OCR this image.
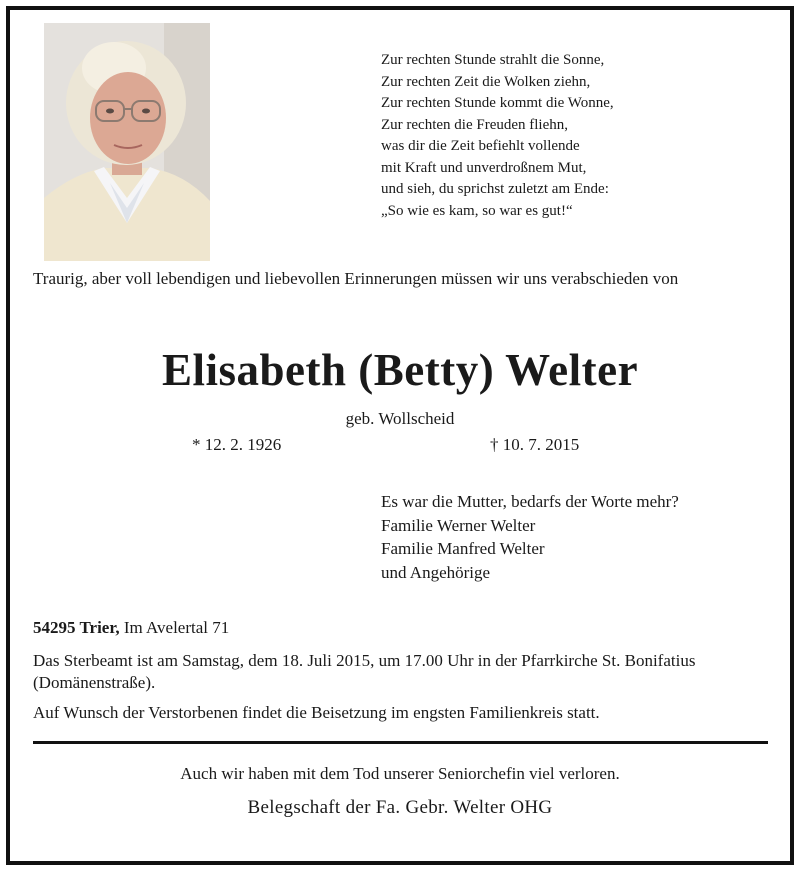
Zur rechten Stunde strahlt die Sonne,
Zur rechten Zeit die Wolken ziehn,
Zur rechten Stunde kommt die Wonne,
Zur rechten die Freuden fliehn,
was dir die Zeit befiehlt vollende
mit Kraft und unverdroßnem Mut,
und sieh, du sprichst zuletzt am Ende:
„So wie es kam, so war es gut!“
Traurig, aber voll lebendigen und liebevollen Erinnerungen müssen wir uns verabschieden von
Elisabeth (Betty) Welter
geb. Wollscheid
* 12. 2. 1926	† 10. 7. 2015
Es war die Mutter, bedarfs der Worte mehr?
Familie Werner Welter
Familie Manfred Welter
und Angehörige
54295 Trier, Im Avelertal 71
Das Sterbeamt ist am Samstag, dem 18. Juli 2015, um 17.00 Uhr in der Pfarrkirche St. Bonifatius (Domänenstraße).
Auf Wunsch der Verstorbenen findet die Beisetzung im engsten Familienkreis statt.
Auch wir haben mit dem Tod unserer Seniorchefin viel verloren.
Belegschaft der Fa. Gebr. Welter OHG
